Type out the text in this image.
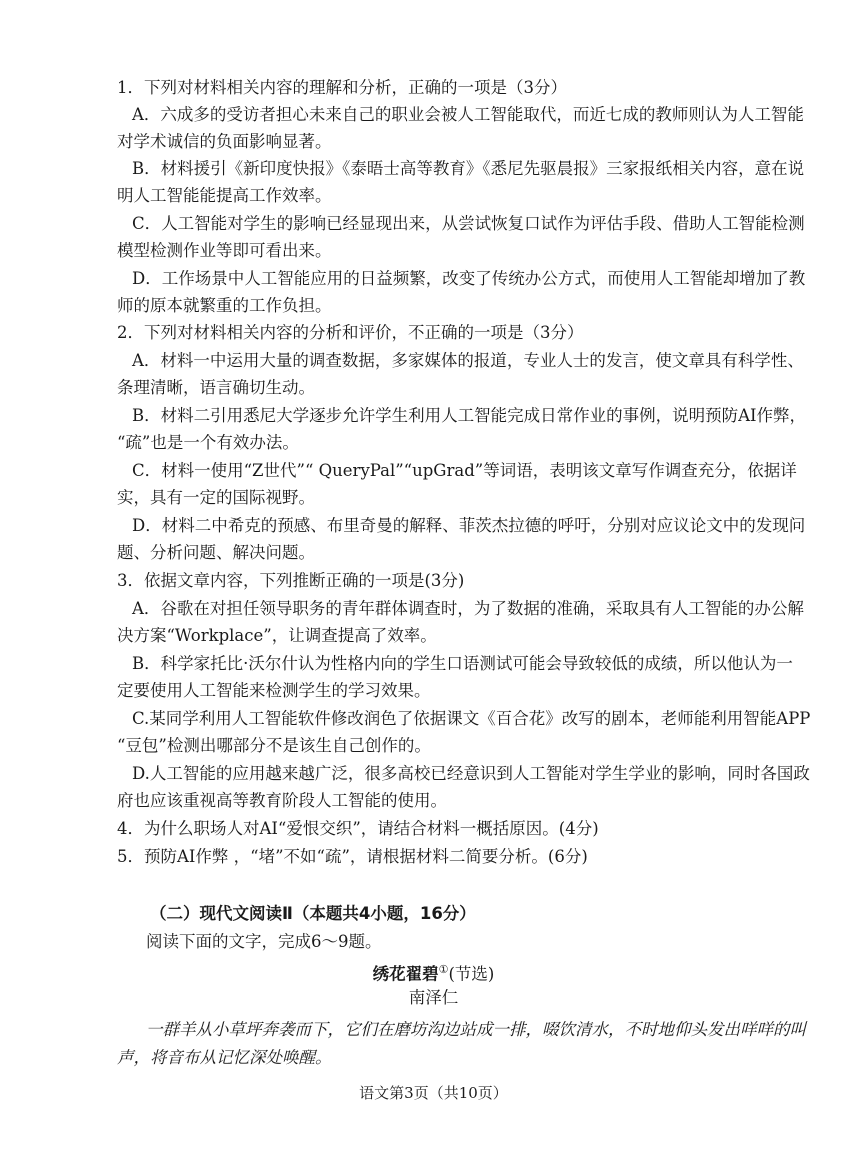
1．下列对材料相关内容的理解和分析，正确的一项是（3分）
A．六成多的受访者担心未来自己的职业会被人工智能取代，而近七成的教师则认为人工智能
对学术诚信的负面影响显著。
B．材料援引《新印度快报》《泰晤士高等教育》《悉尼先驱晨报》三家报纸相关内容，意在说
明人工智能能提高工作效率。
C．人工智能对学生的影响已经显现出来，从尝试恢复口试作为评估手段、借助人工智能检测
模型检测作业等即可看出来。
D．工作场景中人工智能应用的日益频繁，改变了传统办公方式，而使用人工智能却增加了教
师的原本就繁重的工作负担。
2．下列对材料相关内容的分析和评价，不正确的一项是（3分）
A．材料一中运用大量的调查数据，多家媒体的报道，专业人士的发言，使文章具有科学性、
条理清晰，语言确切生动。
B．材料二引用悉尼大学逐步允许学生利用人工智能完成日常作业的事例，说明预防AI作弊，
“疏”也是一个有效办法。
C．材料一使用“Z世代”“ QueryPal”“upGrad”等词语，表明该文章写作调查充分，依据详
实，具有一定的国际视野。
D．材料二中希克的预感、布里奇曼的解释、菲茨杰拉德的呼吁，分别对应议论文中的发现问
题、分析问题、解决问题。
3．依据文章内容，下列推断正确的一项是(3分)
A．谷歌在对担任领导职务的青年群体调查时，为了数据的准确，采取具有人工智能的办公解
决方案“Workplace”，让调查提高了效率。
B．科学家托比·沃尔什认为性格内向的学生口语测试可能会导致较低的成绩，所以他认为一
定要使用人工智能来检测学生的学习效果。
C.某同学利用人工智能软件修改润色了依据课文《百合花》改写的剧本，老师能利用智能APP
“豆包”检测出哪部分不是该生自己创作的。
D.人工智能的应用越来越广泛，很多高校已经意识到人工智能对学生学业的影响，同时各国政
府也应该重视高等教育阶段人工智能的使用。
4．为什么职场人对AI“爱恨交织”，请结合材料一概括原因。(4分)
5．预防AI作弊 ，“堵”不如“疏”，请根据材料二简要分析。(6分)
（二）现代文阅读Ⅱ（本题共4小题，16分）
阅读下面的文字，完成6～9题。
绣花翟碧①(节选)
南泽仁
一群羊从小草坪奔袭而下，它们在磨坊沟边站成一排，啜饮清水，不时地仰头发出咩咩的叫
声，将音布从记忆深处唤醒。
语文第3页（共10页）
